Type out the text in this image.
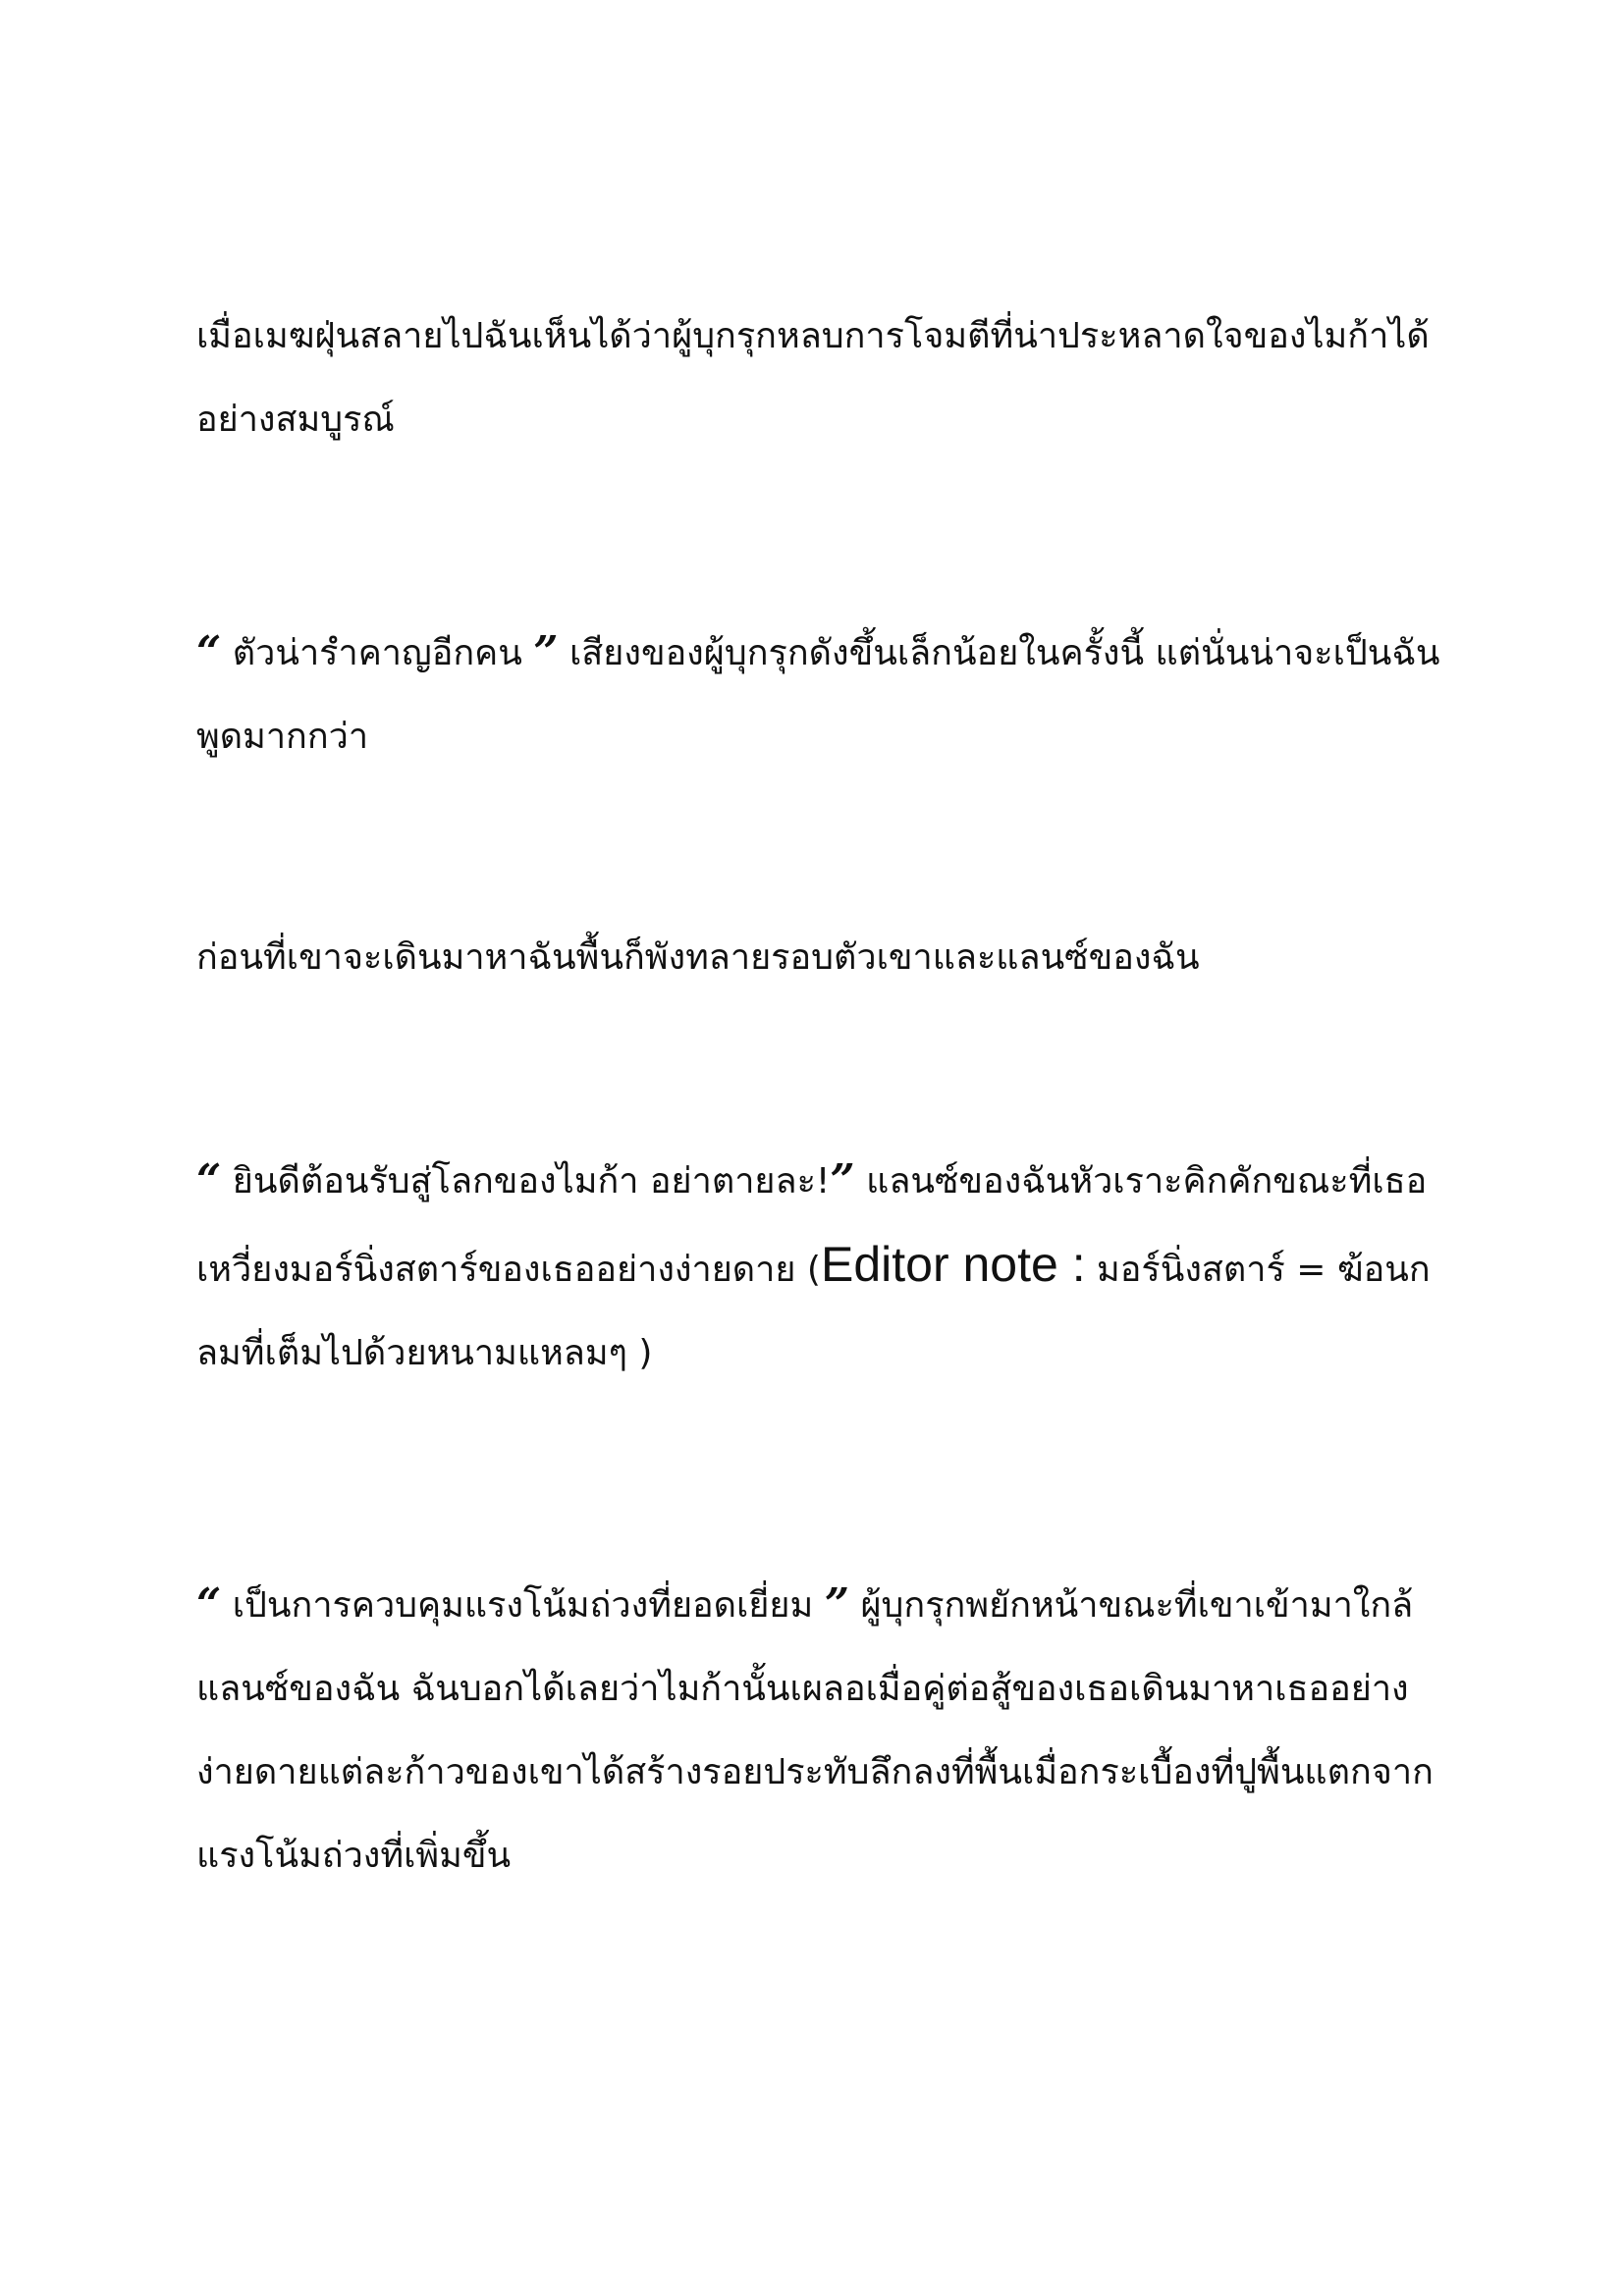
เมื่อเมฆฝุ่นสลายไปฉันเห็นได้ว่าผู้บุกรุกหลบการโจมตีที่น่าประหลาดใจของไมก้าได้อย่างสมบูรณ์

“ ตัวน่ารำคาญอีกคน ” เสียงของผู้บุกรุกดังขึ้นเล็กน้อยในครั้งนี้ แต่นั่นน่าจะเป็นฉันพูดมากกว่า

ก่อนที่เขาจะเดินมาหาฉันพื้นก็พังทลายรอบตัวเขาและแลนซ์ของฉัน

“ ยินดีต้อนรับสู่โลกของไมก้า อย่าตายละ!” แลนซ์ของฉันหัวเราะคิกคักขณะที่เธอเหวี่ยงมอร์นิ่งสตาร์ของเธออย่างง่ายดาย (Editor note : มอร์นิ่งสตาร์ = ฆ้อนกลมที่เต็มไปด้วยหนามแหลมๆ )

“ เป็นการควบคุมแรงโน้มถ่วงที่ยอดเยี่ยม ” ผู้บุกรุกพยักหน้าขณะที่เขาเข้ามาใกล้แลนซ์ของฉัน ฉันบอกได้เลยว่าไมก้านั้นเผลอเมื่อคู่ต่อสู้ของเธอเดินมาหาเธออย่างง่ายดายแต่ละก้าวของเขาได้สร้างรอยประทับลึกลงที่พื้นเมื่อกระเบื้องที่ปูพื้นแตกจากแรงโน้มถ่วงที่เพิ่มขึ้น
